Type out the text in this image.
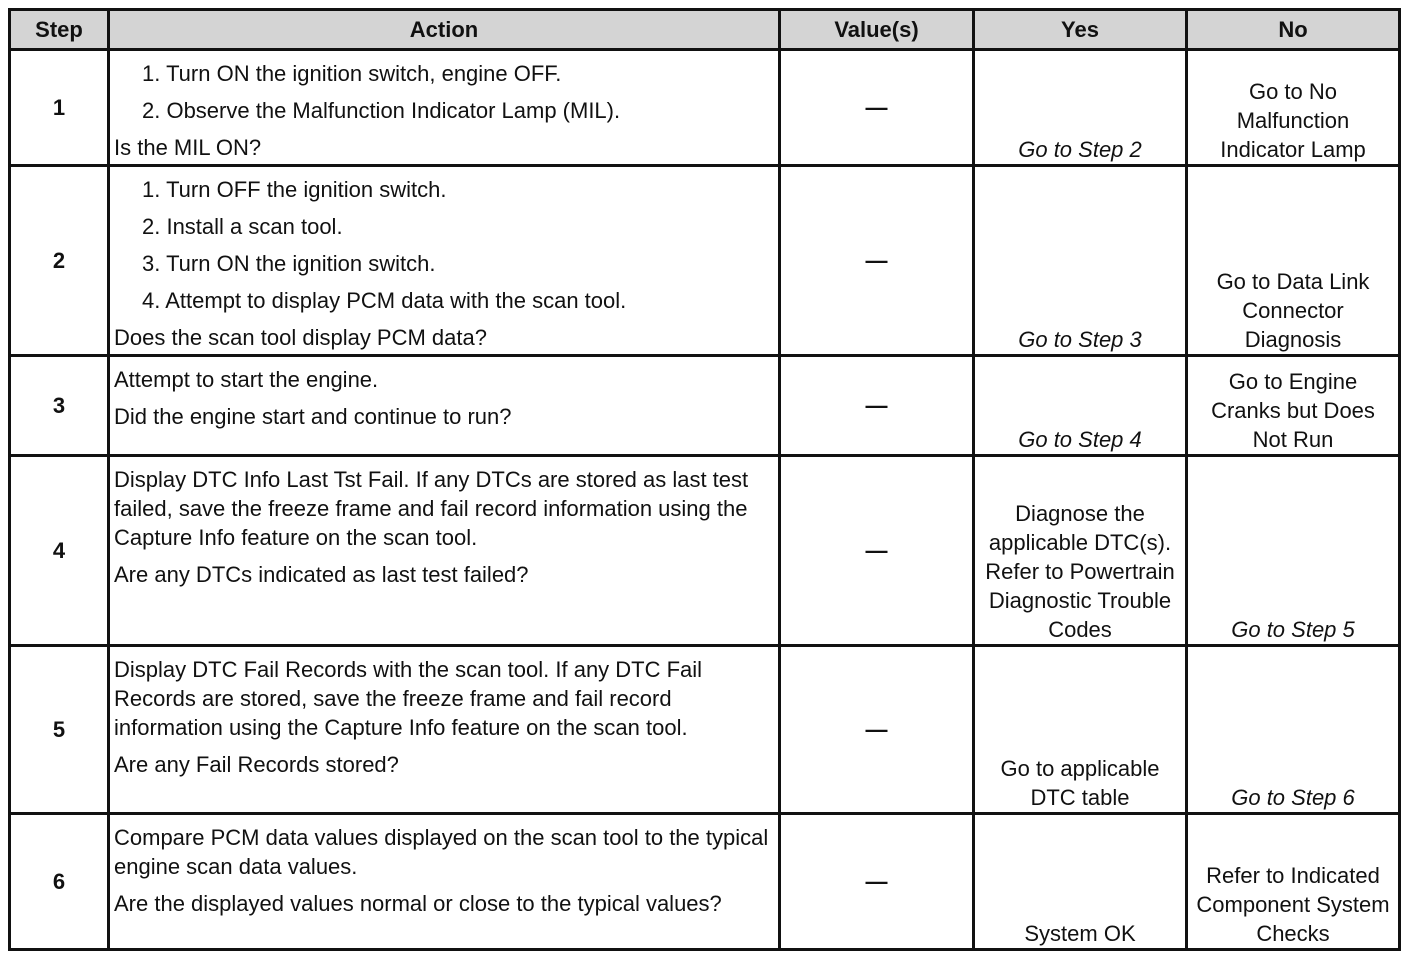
Step	Action	Value(s)	Yes	No
1	1. Turn ON the ignition switch, engine OFF.
2. Observe the Malfunction Indicator Lamp (MIL).
Is the MIL ON?	—	Go to Step 2	Go to No Malfunction Indicator Lamp
2	1. Turn OFF the ignition switch.
2. Install a scan tool.
3. Turn ON the ignition switch.
4. Attempt to display PCM data with the scan tool.
Does the scan tool display PCM data?	—	Go to Step 3	Go to Data Link Connector Diagnosis
3	Attempt to start the engine.
Did the engine start and continue to run?	—	Go to Step 4	Go to Engine Cranks but Does Not Run
4	Display DTC Info Last Tst Fail. If any DTCs are stored as last test failed, save the freeze frame and fail record information using the Capture Info feature on the scan tool.
Are any DTCs indicated as last test failed?	—	Diagnose the applicable DTC(s). Refer to Powertrain Diagnostic Trouble Codes	Go to Step 5
5	Display DTC Fail Records with the scan tool. If any DTC Fail Records are stored, save the freeze frame and fail record information using the Capture Info feature on the scan tool.
Are any Fail Records stored?	—	Go to applicable DTC table	Go to Step 6
6	Compare PCM data values displayed on the scan tool to the typical engine scan data values.
Are the displayed values normal or close to the typical values?	—	System OK	Refer to Indicated Component System Checks
